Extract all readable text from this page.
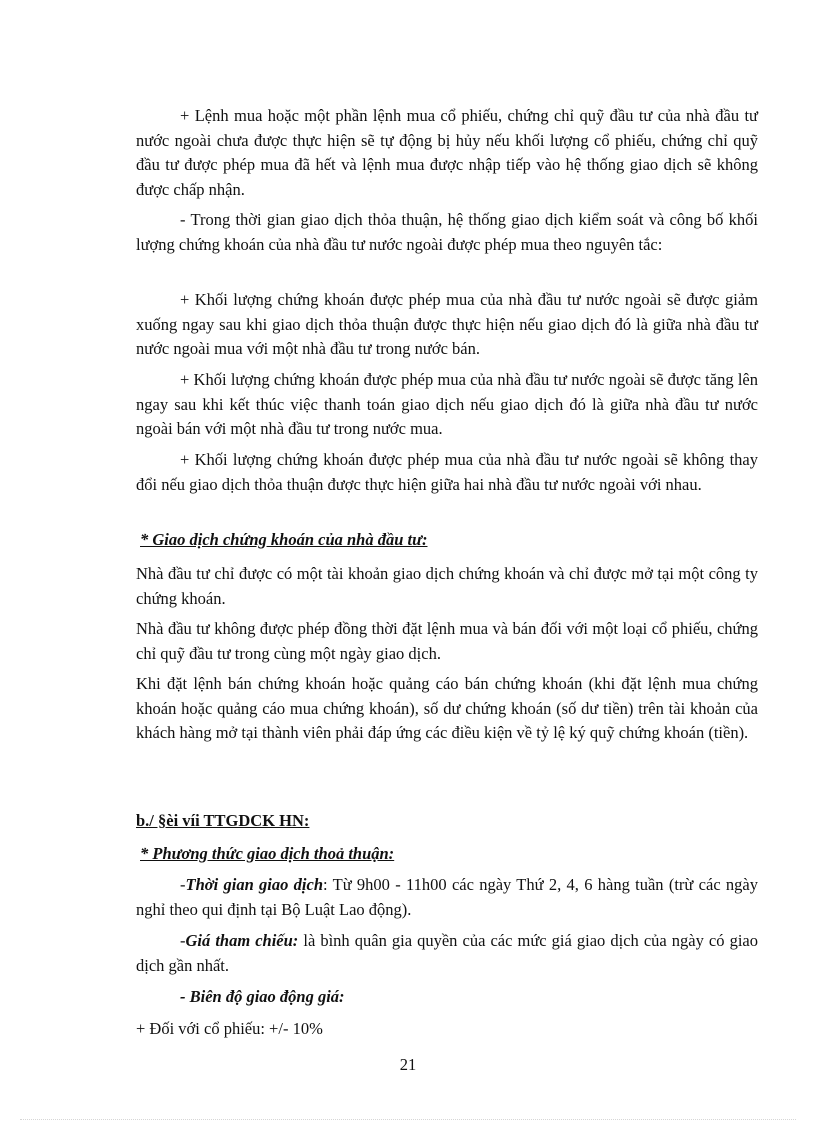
+ Lệnh mua hoặc một phần lệnh mua cổ phiếu, chứng chỉ quỹ đầu tư của nhà đầu tư nước ngoài chưa được thực hiện sẽ tự động bị hủy nếu khối lượng cổ phiếu, chứng chỉ quỹ đầu tư được phép mua đã hết và lệnh mua được nhập tiếp vào hệ thống giao dịch sẽ không được chấp nhận.

- Trong thời gian giao dịch thỏa thuận, hệ thống giao dịch kiểm soát và công bố khối lượng chứng khoán của nhà đầu tư nước ngoài được phép mua theo nguyên tắc:

+ Khối lượng chứng khoán được phép mua của nhà đầu tư nước ngoài sẽ được giảm xuống ngay sau khi giao dịch thỏa thuận được thực hiện nếu giao dịch đó là giữa nhà đầu tư nước ngoài mua với một nhà đầu tư trong nước bán.

+ Khối lượng chứng khoán được phép mua của nhà đầu tư nước ngoài sẽ được tăng lên ngay sau khi kết thúc việc thanh toán giao dịch nếu giao dịch đó là giữa nhà đầu tư nước ngoài bán với một nhà đầu tư trong nước mua.

+ Khối lượng chứng khoán được phép mua của nhà đầu tư nước ngoài sẽ không thay đổi nếu giao dịch thỏa thuận được thực hiện giữa hai nhà đầu tư nước ngoài với nhau.

* Giao dịch chứng khoán của nhà đầu tư:

Nhà đầu tư chỉ được có một tài khoản giao dịch chứng khoán và chỉ được mở tại một công ty chứng khoán.

Nhà đầu tư không được phép đồng thời đặt lệnh mua và bán đối với một loại cổ phiếu, chứng chỉ quỹ đầu tư trong cùng một ngày giao dịch.

Khi đặt lệnh bán chứng khoán hoặc quảng cáo bán chứng khoán (khi đặt lệnh mua chứng khoán hoặc quảng cáo mua chứng khoán), số dư chứng khoán (số dư tiền) trên tài khoản của khách hàng mở tại thành viên phải đáp ứng các điều kiện về tỷ lệ ký quỹ chứng khoán (tiền).

b./ §èi víi TTGDCK HN:
* Phương thức giao dịch thoả thuận:

-Thời gian giao dịch: Từ 9h00 - 11h00 các ngày Thứ 2, 4, 6 hàng tuần (trừ các ngày nghỉ theo qui định tại Bộ Luật Lao động).

-Giá tham chiếu: là bình quân gia quyền của các mức giá giao dịch của ngày có giao dịch gần nhất.

- Biên độ giao động giá:
+ Đối với cổ phiếu: +/- 10%
21
